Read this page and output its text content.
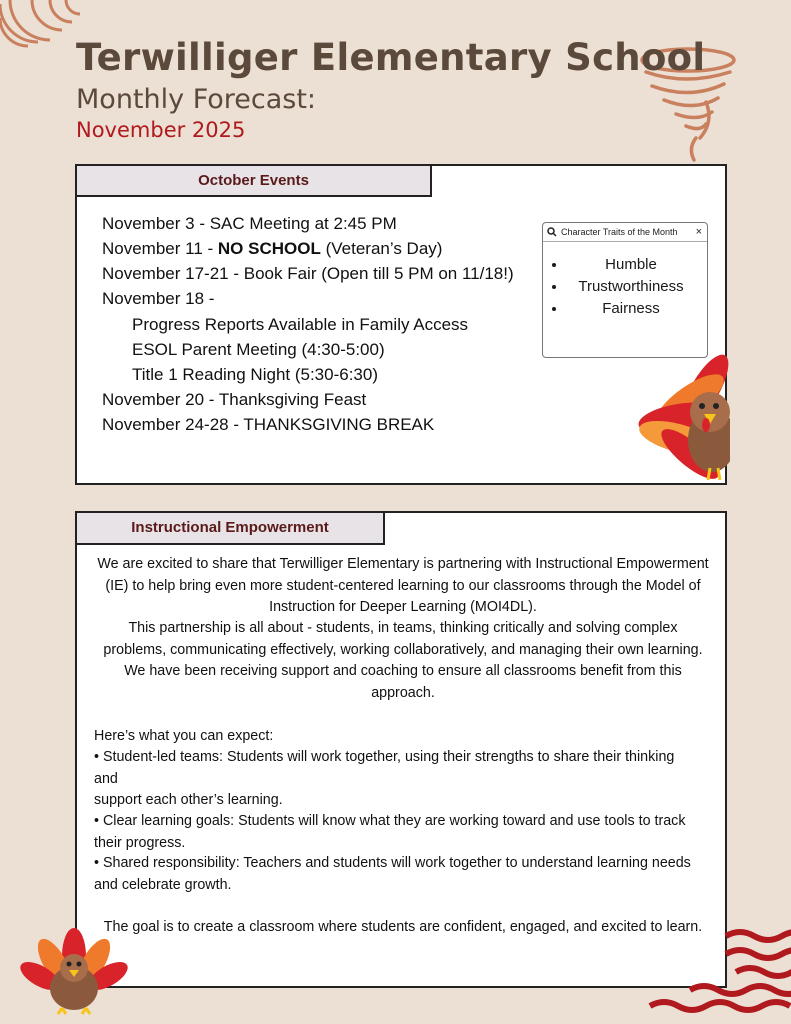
Terwilliger Elementary School
Monthly Forecast:
November 2025
October Events
November 3 - SAC Meeting at 2:45 PM
November 11 - NO SCHOOL (Veteran’s Day)
November 17-21 - Book Fair (Open till 5 PM on 11/18!)
November 18 -
Progress Reports Available in Family Access
ESOL Parent Meeting (4:30-5:00)
Title 1 Reading Night (5:30-6:30)
November 20 - Thanksgiving Feast
November 24-28 - THANKSGIVING BREAK
Character Traits of the Month ×
• Humble
• Trustworthiness
• Fairness
Instructional Empowerment
We are excited to share that Terwilliger Elementary is partnering with Instructional Empowerment (IE) to help bring even more student-centered learning to our classrooms through the Model of Instruction for Deeper Learning (MOI4DL).
This partnership is all about - students, in teams, thinking critically and solving complex problems, communicating effectively, working collaboratively, and managing their own learning. We have been receiving support and coaching to ensure all classrooms benefit from this approach.
Here’s what you can expect:
• Student-led teams: Students will work together, using their strengths to share their thinking and
support each other’s learning.
• Clear learning goals: Students will know what they are working toward and use tools to track their progress.
• Shared responsibility: Teachers and students will work together to understand learning needs and celebrate growth.
The goal is to create a classroom where students are confident, engaged, and excited to learn.
